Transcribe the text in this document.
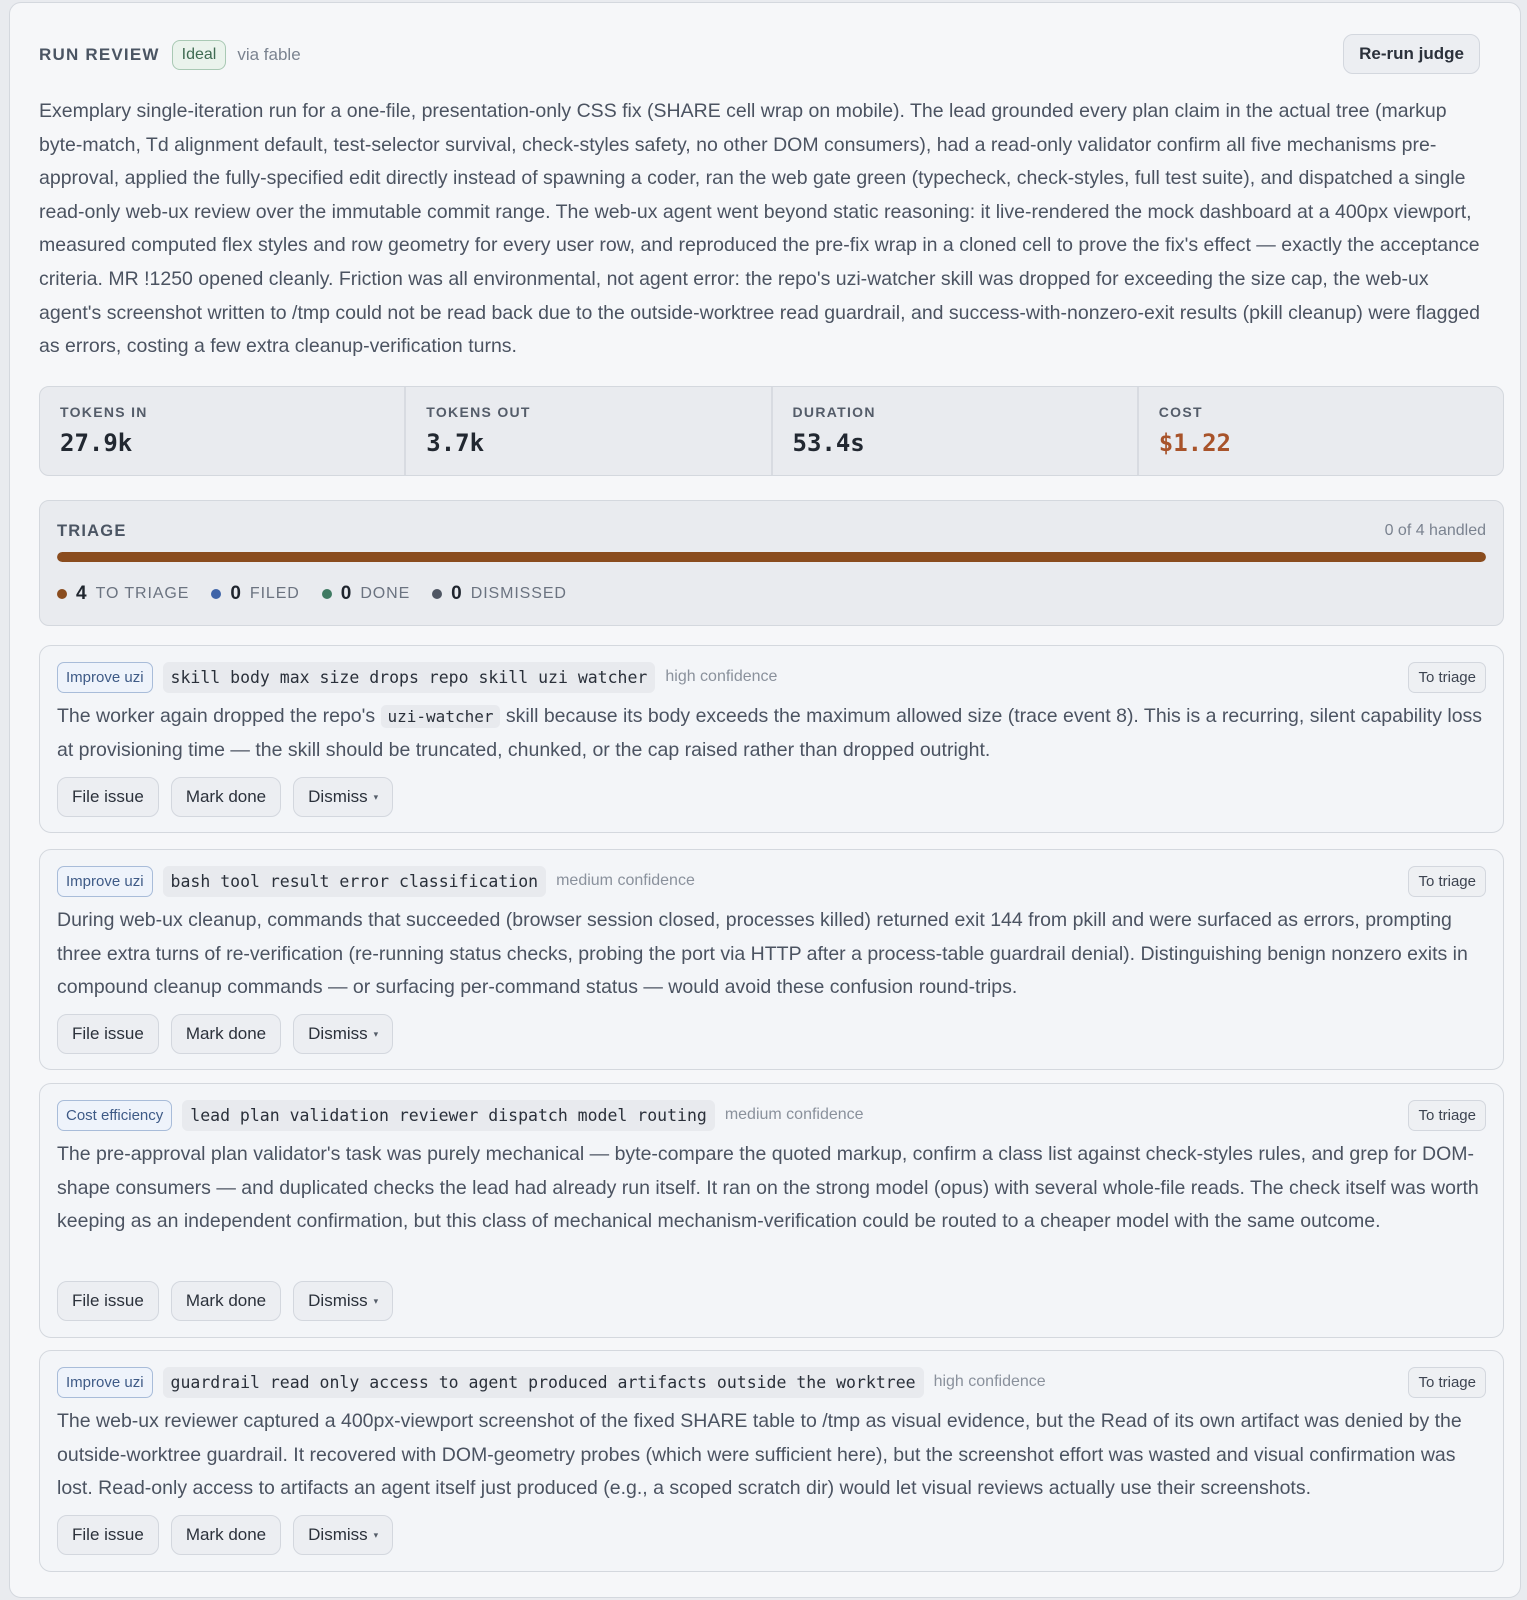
RUN REVIEW	Ideal	via fable	Re-run judge

Exemplary single-iteration run for a one-file, presentation-only CSS fix (SHARE cell wrap on mobile). The lead grounded every plan claim in the actual tree (markup byte-match, Td alignment default, test-selector survival, check-styles safety, no other DOM consumers), had a read-only validator confirm all five mechanisms pre-approval, applied the fully-specified edit directly instead of spawning a coder, ran the web gate green (typecheck, check-styles, full test suite), and dispatched a single read-only web-ux review over the immutable commit range. The web-ux agent went beyond static reasoning: it live-rendered the mock dashboard at a 400px viewport, measured computed flex styles and row geometry for every user row, and reproduced the pre-fix wrap in a cloned cell to prove the fix's effect — exactly the acceptance criteria. MR !1250 opened cleanly. Friction was all environmental, not agent error: the repo's uzi-watcher skill was dropped for exceeding the size cap, the web-ux agent's screenshot written to /tmp could not be read back due to the outside-worktree read guardrail, and success-with-nonzero-exit results (pkill cleanup) were flagged as errors, costing a few extra cleanup-verification turns.

TOKENS IN
27.9k
TOKENS OUT
3.7k
DURATION
53.4s
COST
$1.22
TRIAGE	0 of 4 handled
4 TO TRIAGE 0 FILED 0 DONE 0 DISMISSED
Improve uzi	skill body max size drops repo skill uzi watcher	high confidence	To triage
The worker again dropped the repo's uzi-watcher skill because its body exceeds the maximum allowed size (trace event 8). This is a recurring, silent capability loss at provisioning time — the skill should be truncated, chunked, or the cap raised rather than dropped outright.
File issue	Mark done	Dismiss ▾
Improve uzi	bash tool result error classification	medium confidence	To triage
During web-ux cleanup, commands that succeeded (browser session closed, processes killed) returned exit 144 from pkill and were surfaced as errors, prompting three extra turns of re-verification (re-running status checks, probing the port via HTTP after a process-table guardrail denial). Distinguishing benign nonzero exits in compound cleanup commands — or surfacing per-command status — would avoid these confusion round-trips.
File issue	Mark done	Dismiss ▾
Cost efficiency	lead plan validation reviewer dispatch model routing	medium confidence	To triage
The pre-approval plan validator's task was purely mechanical — byte-compare the quoted markup, confirm a class list against check-styles rules, and grep for DOM-shape consumers — and duplicated checks the lead had already run itself. It ran on the strong model (opus) with several whole-file reads. The check itself was worth keeping as an independent confirmation, but this class of mechanical mechanism-verification could be routed to a cheaper model with the same outcome.
File issue	Mark done	Dismiss ▾
Improve uzi	guardrail read only access to agent produced artifacts outside the worktree	high confidence	To triage
The web-ux reviewer captured a 400px-viewport screenshot of the fixed SHARE table to /tmp as visual evidence, but the Read of its own artifact was denied by the outside-worktree guardrail. It recovered with DOM-geometry probes (which were sufficient here), but the screenshot effort was wasted and visual confirmation was lost. Read-only access to artifacts an agent itself just produced (e.g., a scoped scratch dir) would let visual reviews actually use their screenshots.
File issue	Mark done	Dismiss ▾
